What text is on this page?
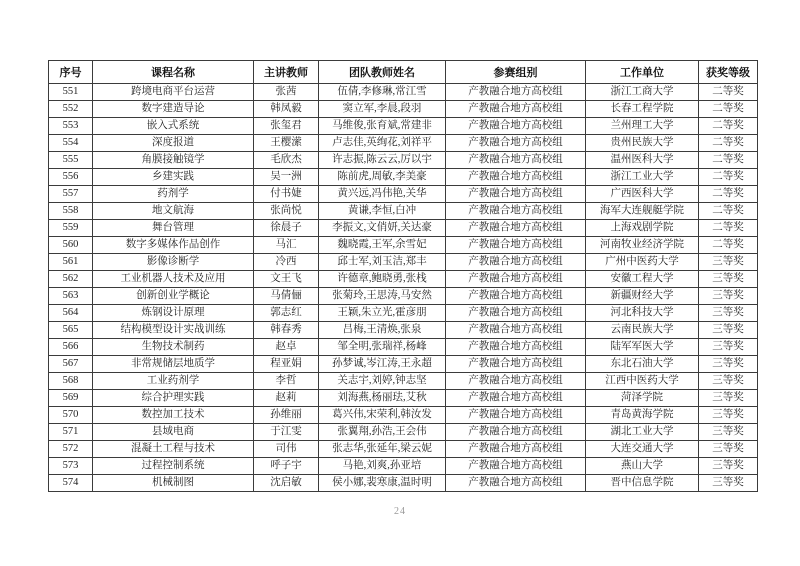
序号	课程名称	主讲教师	团队教师姓名	参赛组别	工作单位	获奖等级
551	跨境电商平台运营	张茜	伍倩,李修琳,常江雪	产教融合地方高校组	浙江工商大学	二等奖
552	数字建造导论	韩凤毅	窦立军,李晨,段羽	产教融合地方高校组	长春工程学院	二等奖
553	嵌入式系统	张玺君	马维俊,张育斌,常建非	产教融合地方高校组	兰州理工大学	二等奖
554	深度报道	王樱潆	卢志佳,英绚花,刘祥平	产教融合地方高校组	贵州民族大学	二等奖
555	角膜接触镜学	毛欣杰	许志振,陈云云,厉以宇	产教融合地方高校组	温州医科大学	二等奖
556	乡建实践	吴一洲	陈前虎,周敏,李美豪	产教融合地方高校组	浙江工业大学	二等奖
557	药剂学	付书婕	黄兴远,冯伟艳,关华	产教融合地方高校组	广西医科大学	二等奖
558	地文航海	张尚悦	黄谦,李恒,白冲	产教融合地方高校组	海军大连舰艇学院	二等奖
559	舞台管理	徐晨子	李振文,文俏妍,关达豪	产教融合地方高校组	上海戏剧学院	二等奖
560	数字多媒体作品创作	马汇	魏晓霞,王军,余雪妃	产教融合地方高校组	河南牧业经济学院	二等奖
561	影像诊断学	冷西	邱士军,刘玉洁,郑丰	产教融合地方高校组	广州中医药大学	三等奖
562	工业机器人技术及应用	文王飞	许德章,鲍晓勇,张栈	产教融合地方高校组	安徽工程大学	三等奖
563	创新创业学概论	马倩俪	张菊玲,王思涛,马安然	产教融合地方高校组	新疆财经大学	三等奖
564	炼钢设计原理	郭志红	王颖,朱立光,霍彦朋	产教融合地方高校组	河北科技大学	三等奖
565	结构模型设计实战训练	韩春秀	吕梅,王清焕,张泉	产教融合地方高校组	云南民族大学	三等奖
566	生物技术制药	赵卓	邹全明,张瑞祥,杨峰	产教融合地方高校组	陆军军医大学	三等奖
567	非常规储层地质学	程亚娟	孙梦诚,岑江涛,王永超	产教融合地方高校组	东北石油大学	三等奖
568	工业药剂学	李哲	关志宇,刘婷,钟志坚	产教融合地方高校组	江西中医药大学	三等奖
569	综合护理实践	赵莉	刘海燕,杨丽珐,艾秋	产教融合地方高校组	菏泽学院	三等奖
570	数控加工技术	孙维丽	葛兴伟,宋荣利,韩汝发	产教融合地方高校组	青岛黄海学院	三等奖
571	县域电商	于江雯	张翼翔,孙浩,王会伟	产教融合地方高校组	湖北工业大学	三等奖
572	混凝土工程与技术	司伟	张志华,张延年,梁云妮	产教融合地方高校组	大连交通大学	三等奖
573	过程控制系统	呼子宇	马艳,刘爽,孙亚培	产教融合地方高校组	燕山大学	三等奖
574	机械制图	沈启敏	侯小娜,裴寒康,温时明	产教融合地方高校组	晋中信息学院	三等奖
24
